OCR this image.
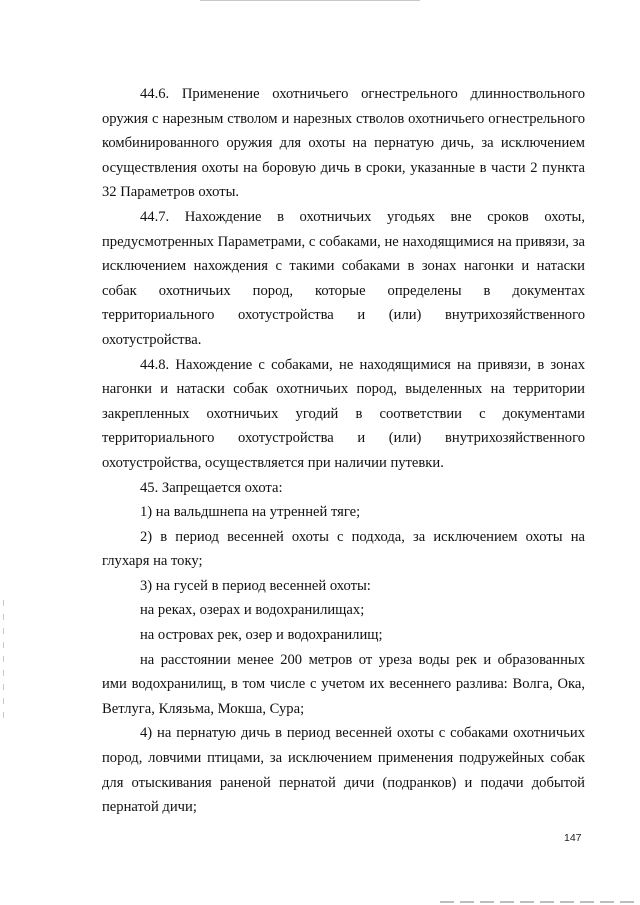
44.6. Применение охотничьего огнестрельного длинноствольного оружия с нарезным стволом и нарезных стволов охотничьего огнестрельного комбинированного оружия для охоты на пернатую дичь, за исключением осуществления охоты на боровую дичь в сроки, указанные в части 2 пункта 32 Параметров охоты.

44.7. Нахождение в охотничьих угодьях вне сроков охоты, предусмотренных Параметрами, с собаками, не находящимися на привязи, за исключением нахождения с такими собаками в зонах нагонки и натаски собак охотничьих пород, которые определены в документах территориального охотустройства и (или) внутрихозяйственного охотустройства.

44.8. Нахождение с собаками, не находящимися на привязи, в зонах нагонки и натаски собак охотничьих пород, выделенных на территории закрепленных охотничьих угодий в соответствии с документами территориального охотустройства и (или) внутрихозяйственного охотустройства, осуществляется при наличии путевки.

45. Запрещается охота:

1) на вальдшнепа на утренней тяге;

2) в период весенней охоты с подхода, за исключением охоты на глухаря на току;

3) на гусей в период весенней охоты:

на реках, озерах и водохранилищах;

на островах рек, озер и водохранилищ;

на расстоянии менее 200 метров от уреза воды рек и образованных ими водохранилищ, в том числе с учетом их весеннего разлива: Волга, Ока, Ветлуга, Клязьма, Мокша, Сура;

4) на пернатую дичь в период весенней охоты с собаками охотничьих пород, ловчими птицами, за исключением применения подружейных собак для отыскивания раненой пернатой дичи (подранков) и подачи добытой пернатой дичи;

147
